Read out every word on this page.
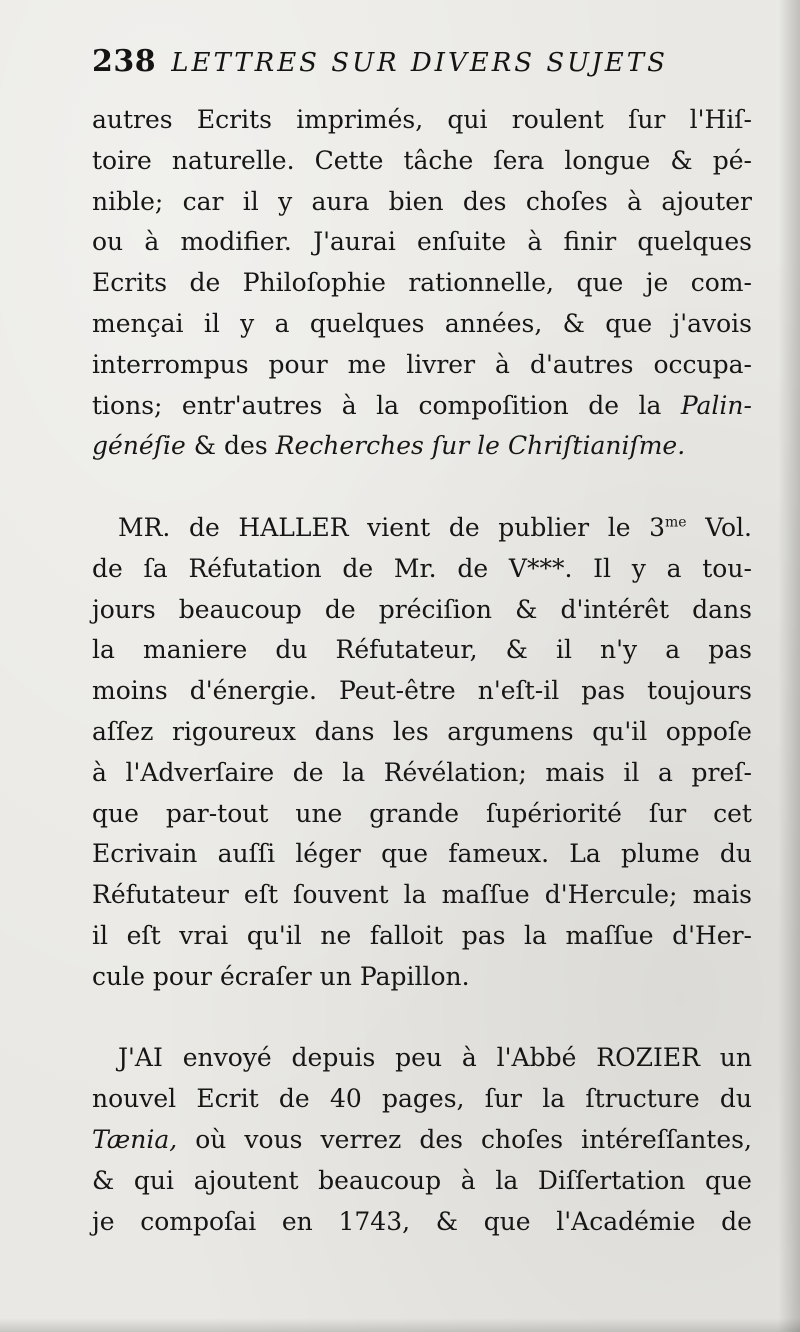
238 LETTRES SUR DIVERS SUJETS
autres Ecrits imprimés, qui roulent ſur l'Hiſ-
toire naturelle. Cette tâche ſera longue & pé-
nible; car il y aura bien des choſes à ajouter
ou à modifier. J'aurai enſuite à finir quelques
Ecrits de Philoſophie rationnelle, que je com-
mençai il y a quelques années, & que j'avois
interrompus pour me livrer à d'autres occupa-
tions; entr'autres à la compoſition de la Palin-
généſie & des Recherches ſur le Chriſtianiſme.
MR. de HALLER vient de publier le $3^{me}$ Vol.
de ſa Réfutation de Mr. de V***. Il y a tou-
jours beaucoup de préciſion & d'intérêt dans
la maniere du Réfutateur, & il n'y a pas
moins d'énergie. Peut-être n'eſt-il pas toujours
aſſez rigoureux dans les argumens qu'il oppoſe
à l'Adverſaire de la Révélation; mais il a preſ-
que par-tout une grande ſupériorité ſur cet
Ecrivain auſſi léger que fameux. La plume du
Réfutateur eſt ſouvent la maſſue d'Hercule; mais
il eſt vrai qu'il ne falloit pas la maſſue d'Her-
cule pour écraſer un Papillon.
J'AI envoyé depuis peu à l'Abbé ROZIER un
nouvel Ecrit de 40 pages, ſur la ſtructure du
Tænia, où vous verrez des choſes intéreſſantes,
& qui ajoutent beaucoup à la Diſſertation que
je compoſai en 1743, & que l'Académie de
